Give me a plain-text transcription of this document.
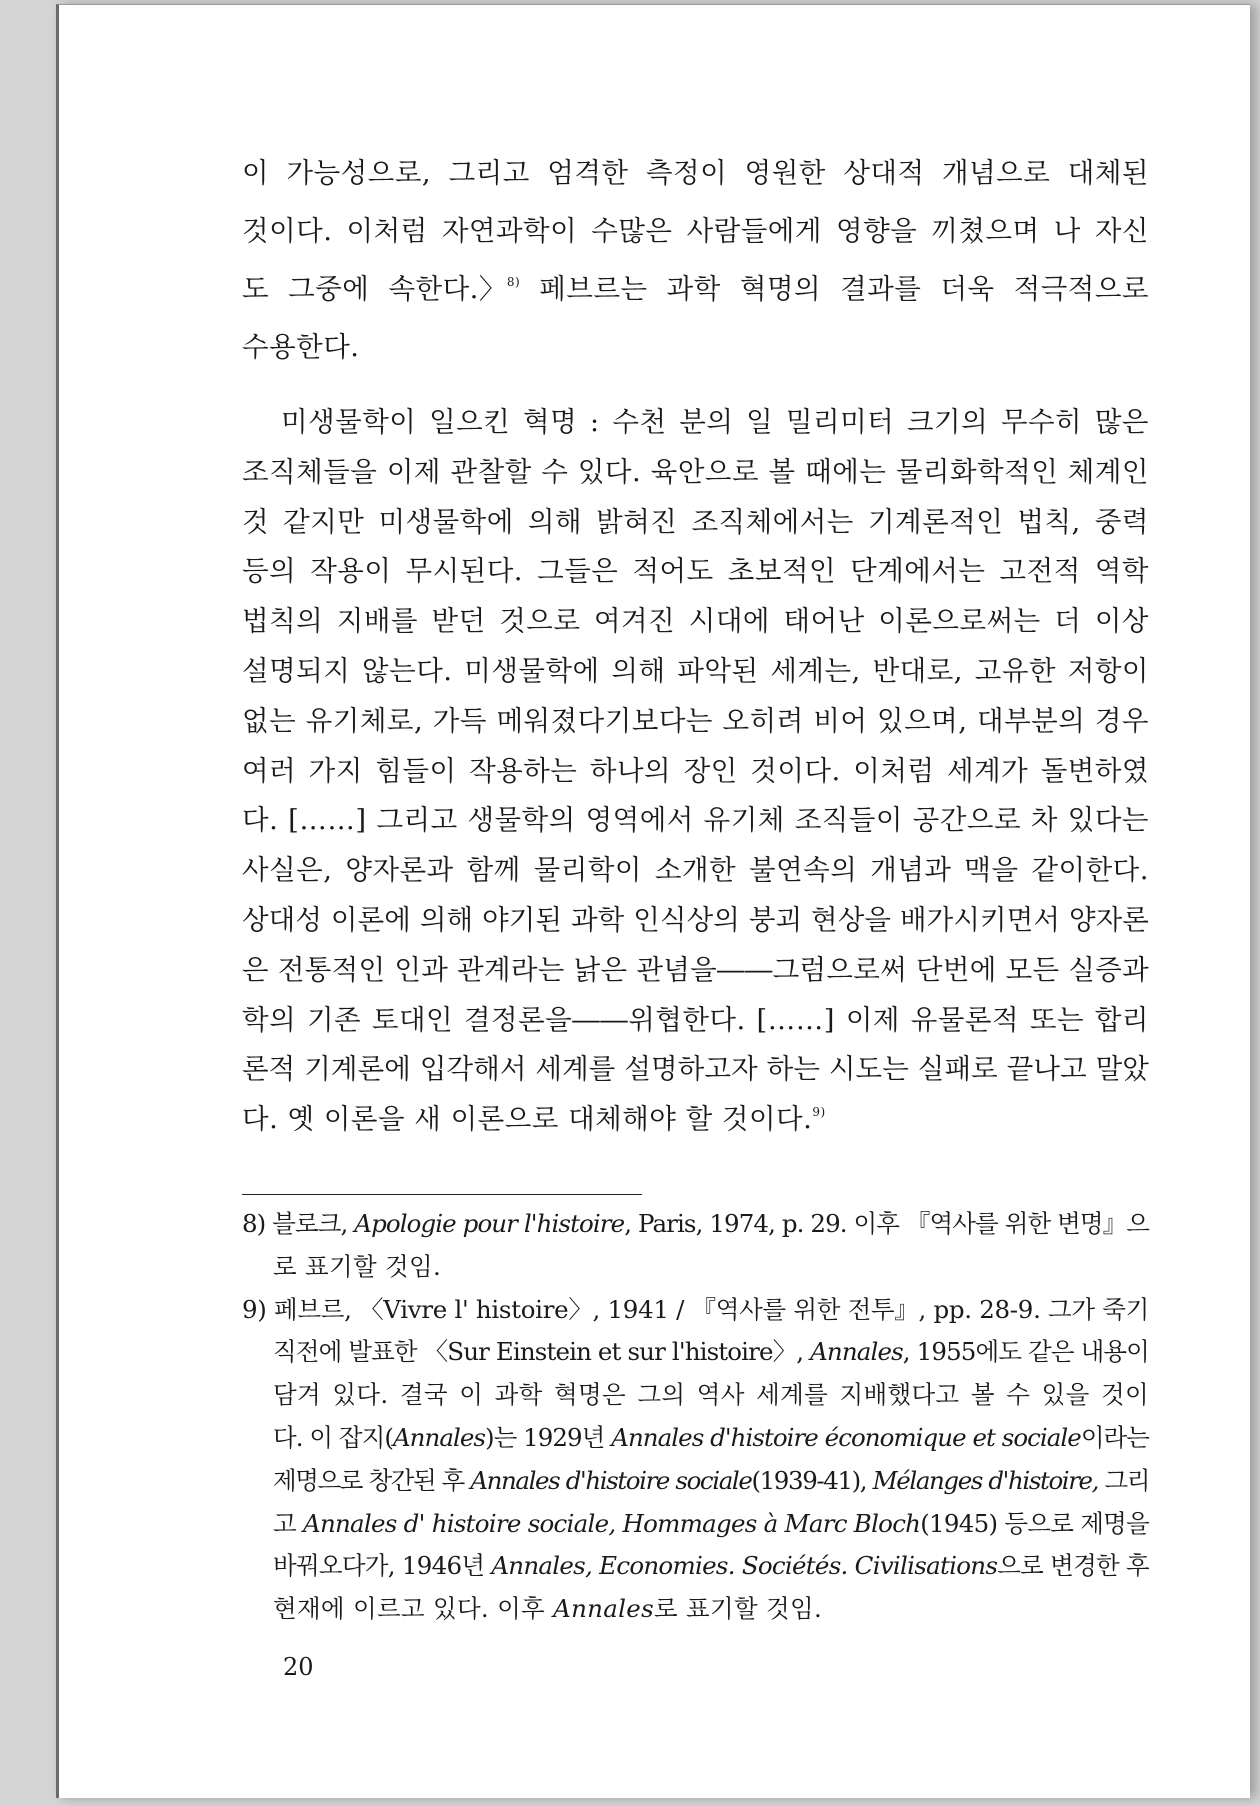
이 가능성으로, 그리고 엄격한 측정이 영원한 상대적 개념으로 대체된
것이다. 이처럼 자연과학이 수많은 사람들에게 영향을 끼쳤으며 나 자신
도 그중에 속한다.〉$^{8)}$ 페브르는 과학 혁명의 결과를 더욱 적극적으로
수용한다.
미생물학이 일으킨 혁명 : 수천 분의 일 밀리미터 크기의 무수히 많은
조직체들을 이제 관찰할 수 있다. 육안으로 볼 때에는 물리화학적인 체계인
것 같지만 미생물학에 의해 밝혀진 조직체에서는 기계론적인 법칙, 중력
등의 작용이 무시된다. 그들은 적어도 초보적인 단계에서는 고전적 역학
법칙의 지배를 받던 것으로 여겨진 시대에 태어난 이론으로써는 더 이상
설명되지 않는다. 미생물학에 의해 파악된 세계는, 반대로, 고유한 저항이
없는 유기체로, 가득 메워졌다기보다는 오히려 비어 있으며, 대부분의 경우
여러 가지 힘들이 작용하는 하나의 장인 것이다. 이처럼 세계가 돌변하였
다. [……] 그리고 생물학의 영역에서 유기체 조직들이 공간으로 차 있다는
사실은, 양자론과 함께 물리학이 소개한 불연속의 개념과 맥을 같이한다.
상대성 이론에 의해 야기된 과학 인식상의 붕괴 현상을 배가시키면서 양자론
은 전통적인 인과 관계라는 낡은 관념을――그럼으로써 단번에 모든 실증과
학의 기존 토대인 결정론을――위협한다. [……] 이제 유물론적 또는 합리
론적 기계론에 입각해서 세계를 설명하고자 하는 시도는 실패로 끝나고 말았
다. 옛 이론을 새 이론으로 대체해야 할 것이다.$^{9)}$
8) 블로크, Apologie pour l'histoire, Paris, 1974, p. 29. 이후 『역사를 위한 변명』으
로 표기할 것임.
9) 페브르, 〈Vivre l' histoire〉, 1941 / 『역사를 위한 전투』, pp. 28-9. 그가 죽기
직전에 발표한 〈Sur Einstein et sur l'histoire〉, Annales, 1955에도 같은 내용이
담겨 있다. 결국 이 과학 혁명은 그의 역사 세계를 지배했다고 볼 수 있을 것이
다. 이 잡지(Annales)는 1929년 Annales d'histoire économique et sociale이라는
제명으로 창간된 후 Annales d'histoire sociale(1939-41), Mélanges d'histoire, 그리
고 Annales d' histoire sociale, Hommages à Marc Bloch(1945) 등으로 제명을
바꿔오다가, 1946년 Annales, Economies. Sociétés. Civilisations으로 변경한 후
현재에 이르고 있다. 이후 Annales로 표기할 것임.
20
